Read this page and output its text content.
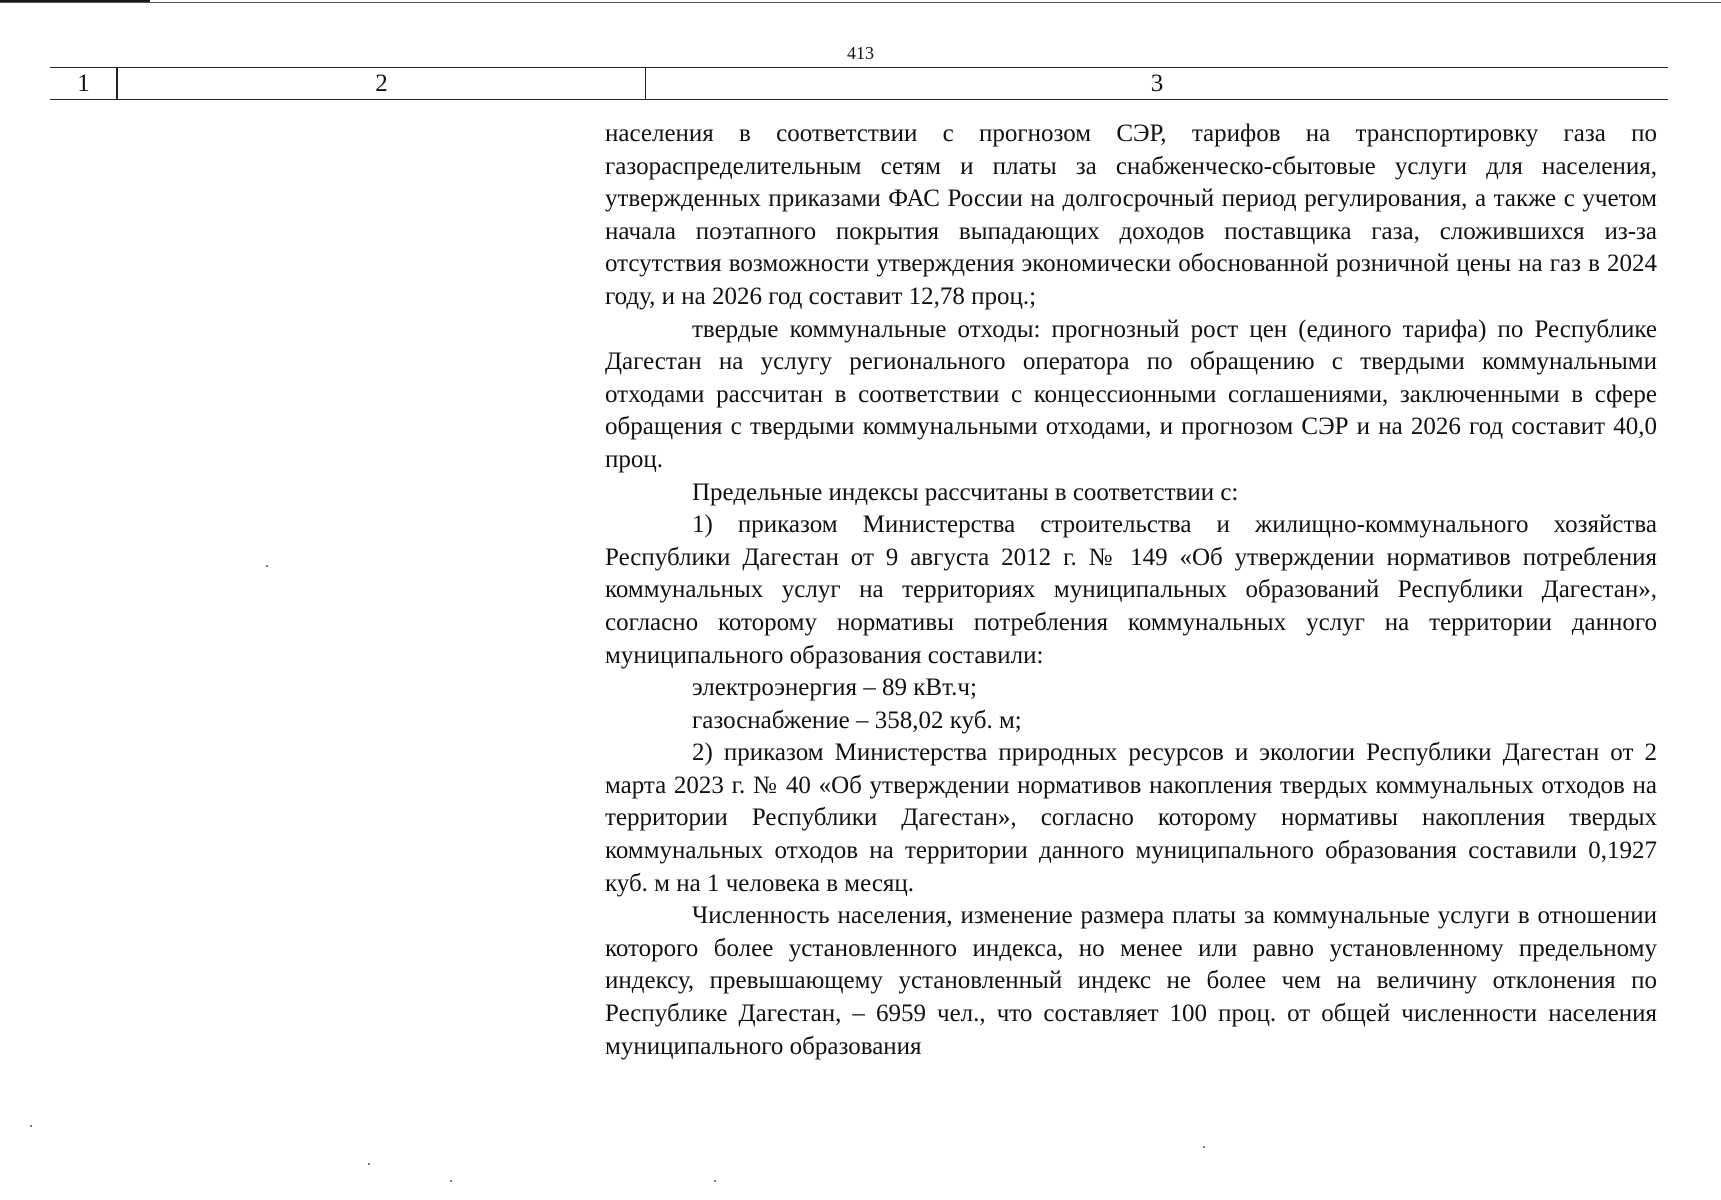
413
1	2	3

населения в соответствии с прогнозом СЭР, тарифов на транспортировку газа по газораспределительным сетям и платы за снабженческо-сбытовые услуги для населения, утвержденных приказами ФАС России на долгосрочный период регулирования, а также с учетом начала поэтапного покрытия выпадающих доходов поставщика газа, сложившихся из-за отсутствия возможности утверждения экономически обоснованной розничной цены на газ в 2024 году, и на 2026 год составит 12,78 проц.;

твердые коммунальные отходы: прогнозный рост цен (единого тарифа) по Республике Дагестан на услугу регионального оператора по обращению с твердыми коммунальными отходами рассчитан в соответствии с концессионными соглашениями, заключенными в сфере обращения с твердыми коммунальными отходами, и прогнозом СЭР и на 2026 год составит 40,0 проц.

Предельные индексы рассчитаны в соответствии с:

1) приказом Министерства строительства и жилищно-коммунального хозяйства Республики Дагестан от 9 августа 2012 г. № 149 «Об утверждении нормативов потребления коммунальных услуг на территориях муниципальных образований Республики Дагестан», согласно которому нормативы потребления коммунальных услуг на территории данного муниципального образования составили:

электроэнергия – 89 кВт.ч;

газоснабжение – 358,02 куб. м;

2) приказом Министерства природных ресурсов и экологии Республики Дагестан от 2 марта 2023 г. № 40 «Об утверждении нормативов накопления твердых коммунальных отходов на территории Республики Дагестан», согласно которому нормативы накопления твердых коммунальных отходов на территории данного муниципального образования составили 0,1927 куб. м на 1 человека в месяц.

Численность населения, изменение размера платы за коммунальные услуги в отношении которого более установленного индекса, но менее или равно установленному предельному индексу, превышающему установленный индекс не более чем на величину отклонения по Республике Дагестан, – 6959 чел., что составляет 100 проц. от общей численности населения муниципального образования
